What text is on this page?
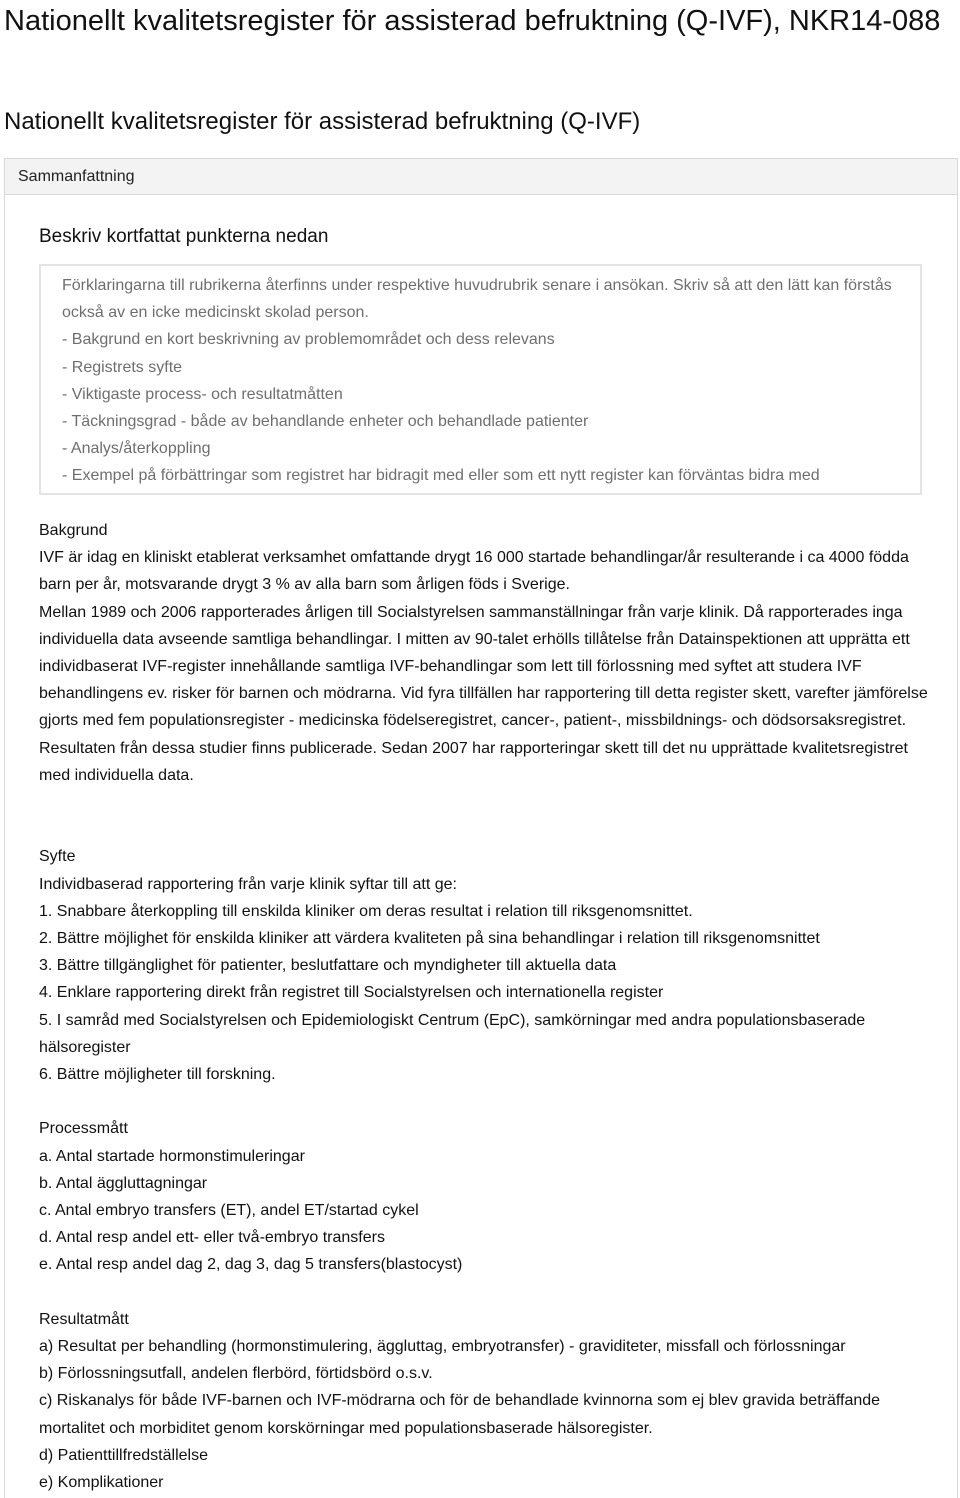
Nationellt kvalitetsregister för assisterad befruktning (Q-IVF), NKR14-088
Nationellt kvalitetsregister för assisterad befruktning (Q-IVF)
Sammanfattning
Beskriv kortfattat punkterna nedan

Förklaringarna till rubrikerna återfinns under respektive huvudrubrik senare i ansökan. Skriv så att den lätt kan förstås också av en icke medicinskt skolad person.

- Bakgrund en kort beskrivning av problemområdet och dess relevans

- Registrets syfte

- Viktigaste process- och resultatmåtten

- Täckningsgrad - både av behandlande enheter och behandlade patienter

- Analys/återkoppling

- Exempel på förbättringar som registret har bidragit med eller som ett nytt register kan förväntas bidra med

Bakgrund

IVF är idag en kliniskt etablerat verksamhet omfattande drygt 16 000 startade behandlingar/år resulterande i ca 4000 födda barn per år, motsvarande drygt 3 % av alla barn som årligen föds i Sverige.

Mellan 1989 och 2006 rapporterades årligen till Socialstyrelsen sammanställningar från varje klinik. Då rapporterades inga individuella data avseende samtliga behandlingar. I mitten av 90-talet erhölls tillåtelse från Datainspektionen att upprätta ett individbaserat IVF-register innehållande samtliga IVF-behandlingar som lett till förlossning med syftet att studera IVF behandlingens ev. risker för barnen och mödrarna. Vid fyra tillfällen har rapportering till detta register skett, varefter jämförelse gjorts med fem populationsregister - medicinska födelseregistret, cancer-, patient-, missbildnings- och dödsorsaksregistret. Resultaten från dessa studier finns publicerade. Sedan 2007 har rapporteringar skett till det nu upprättade kvalitetsregistret med individuella data.

Syfte

Individbaserad rapportering från varje klinik syftar till att ge:

1. Snabbare återkoppling till enskilda kliniker om deras resultat i relation till riksgenomsnittet.

2. Bättre möjlighet för enskilda kliniker att värdera kvaliteten på sina behandlingar i relation till riksgenomsnittet

3. Bättre tillgänglighet för patienter, beslutfattare och myndigheter till aktuella data

4. Enklare rapportering direkt från registret till Socialstyrelsen och internationella register

5. I samråd med Socialstyrelsen och Epidemiologiskt Centrum (EpC), samkörningar med andra populationsbaserade hälsoregister

6. Bättre möjligheter till forskning.

Processmått

a. Antal startade hormonstimuleringar

b. Antal äggluttagningar

c. Antal embryo transfers (ET), andel ET/startad cykel

d. Antal resp andel ett- eller två-embryo transfers

e. Antal resp andel dag 2, dag 3, dag 5 transfers(blastocyst)

Resultatmått

a) Resultat per behandling (hormonstimulering, äggluttag, embryotransfer) - graviditeter, missfall och förlossningar

b) Förlossningsutfall, andelen flerbörd, förtidsbörd o.s.v.

c) Riskanalys för både IVF-barnen och IVF-mödrarna och för de behandlade kvinnorna som ej blev gravida beträffande mortalitet och morbiditet genom korskörningar med populationsbaserade hälsoregister.

d) Patienttillfredställelse

e) Komplikationer
